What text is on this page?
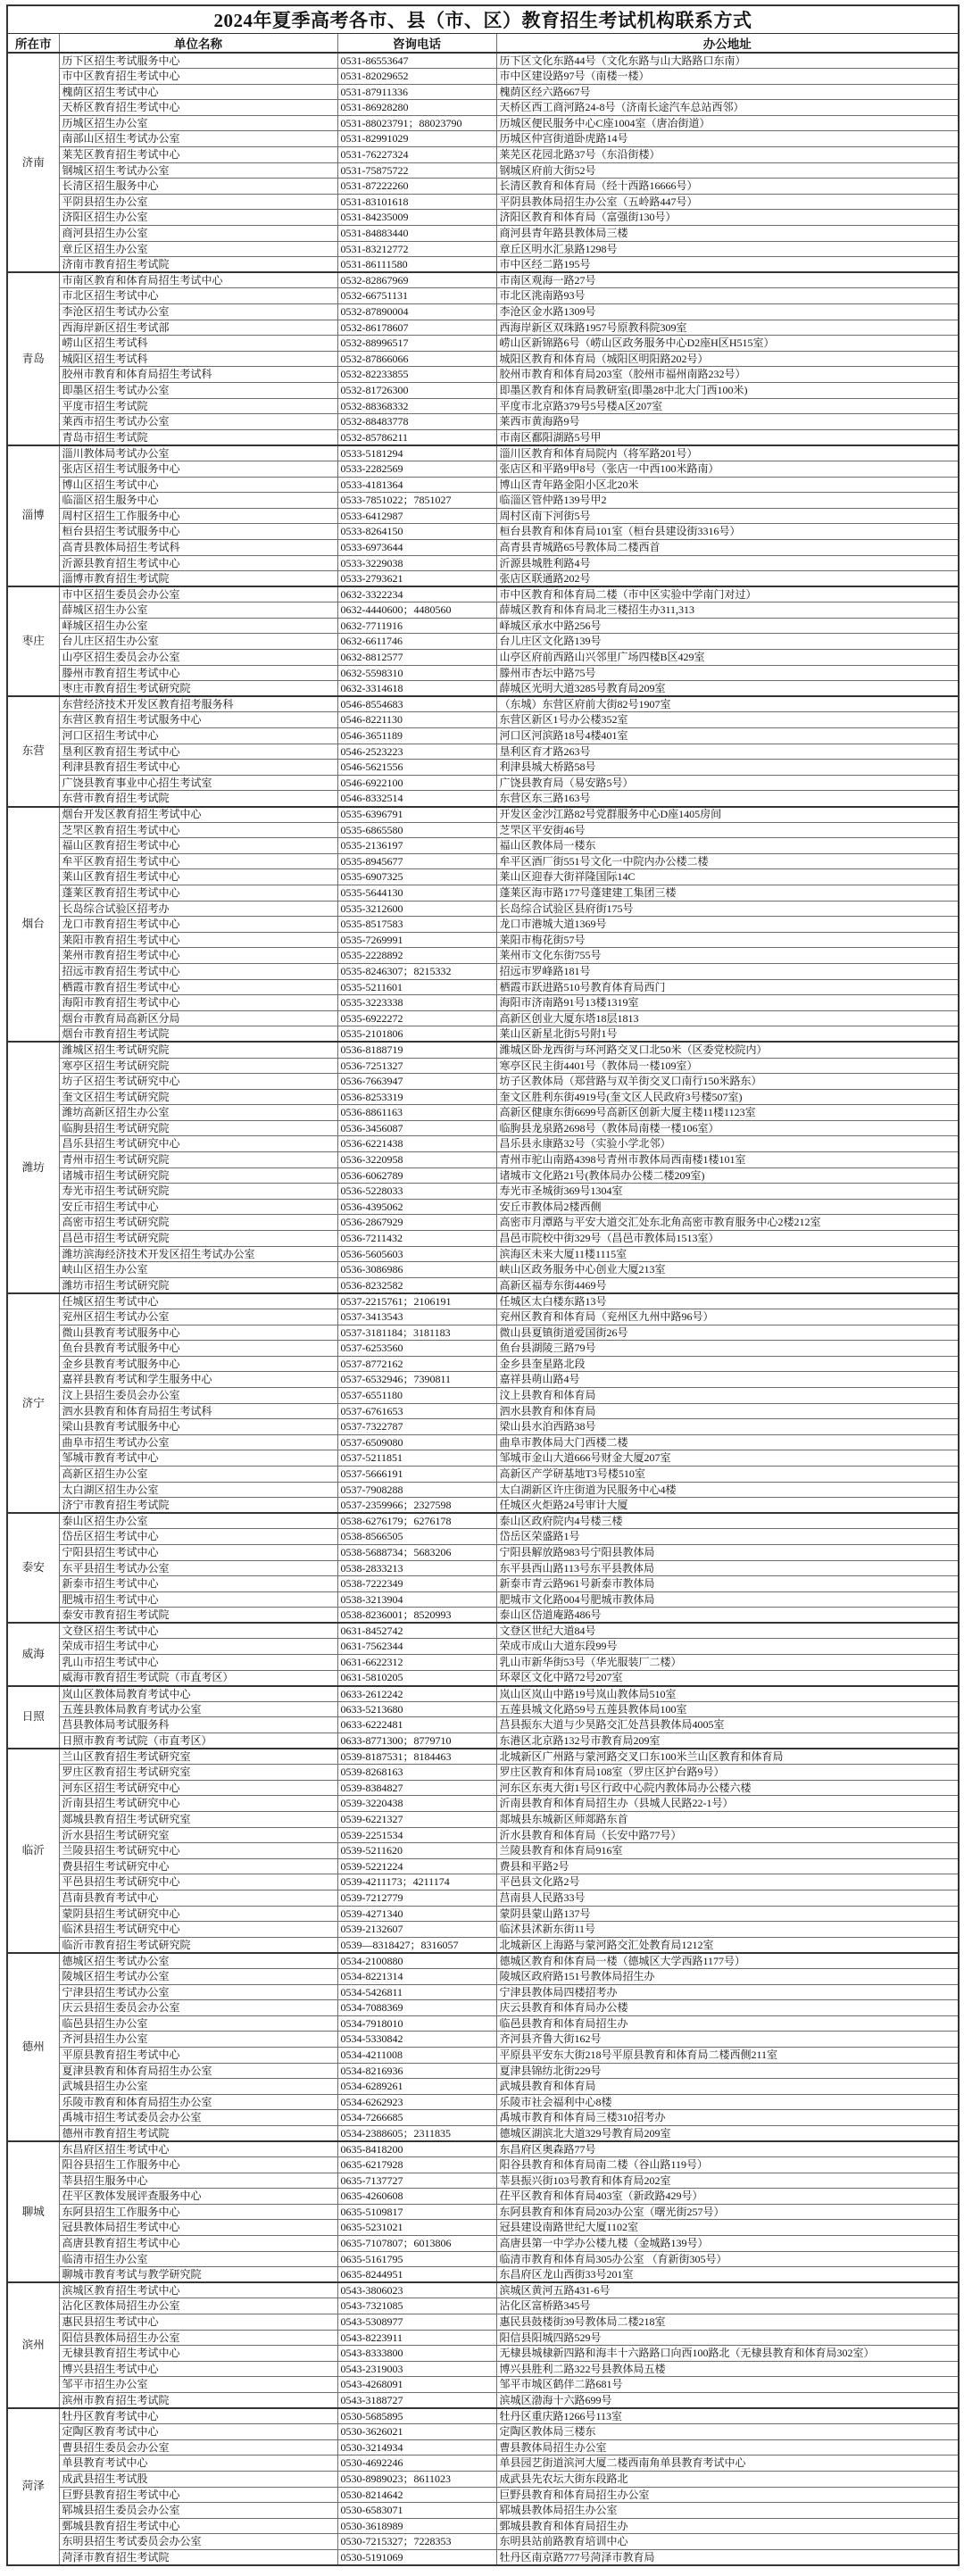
2024年夏季高考各市、县（市、区）教育招生考试机构联系方式			
所在市	单位名称	咨询电话	办公地址
济南	历下区招生考试服务中心	0531-86553647	历下区文化东路44号（文化东路与山大路路口东南）
	市中区教育招生考试中心	0531-82029652	市中区建设路97号（南楼一楼）
	槐荫区招生考试中心	0531-87911336	槐荫区经六路667号
	天桥区教育招生考试中心	0531-86928280	天桥区西工商河路24-8号（济南长途汽车总站西邻）
	历城区招生办公室	0531-88023791；88023790	历城区便民服务中心C座1004室（唐冶街道）
	南部山区招生考试办公室	0531-82991029	历城区仲宫街道卧虎路14号
	莱芜区教育招生考试中心	0531-76227324	莱芜区花园北路37号（东沿街楼）
	钢城区招生考试办公室	0531-75875722	钢城区府前大街52号
	长清区招生服务中心	0531-87222260	长清区教育和体育局（经十西路16666号）
	平阴县招生办公室	0531-83101618	平阴县教体局招生办公室（五岭路447号）
	济阳区招生办公室	0531-84235009	济阳区教育和体育局（富强街130号）
	商河县招生办公室	0531-84883440	商河县青年路县教体局三楼
	章丘区招生办公室	0531-83212772	章丘区明水汇泉路1298号
	济南市教育招生考试院	0531-86111580	市中区经二路195号
青岛	市南区教育和体育局招生考试中心	0532-82867969	市南区观海一路27号
	市北区招生考试中心	0532-66751131	市北区洮南路93号
	李沧区招生考试办公室	0532-87890004	李沧区金水路1309号
	西海岸新区招生考试部	0532-86178607	西海岸新区双珠路1957号原教科院309室
	崂山区招生考试科	0532-88996517	崂山区新锦路6号（崂山区政务服务中心D2座H区H515室）
	城阳区招生考试科	0532-87866066	城阳区教育和体育局（城阳区明阳路202号）
	胶州市教育和体育局招生考试科	0532-82233855	胶州市教育和体育局203室（胶州市福州南路232号）
	即墨区招生考试办公室	0532-81726300	即墨区教育和体育局教研室(即墨28中北大门西100米)
	平度市招生考试院	0532-88368332	平度市北京路379号5号楼A区207室
	莱西市招生考试办公室	0532-88483778	莱西市黄海路9号
	青岛市招生考试院	0532-85786211	市南区鄱阳湖路5号甲
淄博	淄川教体局考试办公室	0533-5181294	淄川区教育和体育局院内（将军路201号）
	张店区招生考试服务中心	0533-2282569	张店区和平路9甲8号（张店一中西100米路南）
	博山区招生考试中心	0533-4181364	博山区青年路金阳小区北20米
	临淄区招生服务中心	0533-7851022；7851027	临淄区管仲路139号甲2
	周村区招生工作服务中心	0533-6412987	周村区南下河街5号
	桓台县招生考试服务中心	0533-8264150	桓台县教育和体育局101室（桓台县建设街3316号）
	高青县教体局招生考试科	0533-6973644	高青县青城路65号教体局二楼西首
	沂源县教育招生考试中心	0533-3229038	沂源县城胜利路4号
	淄博市教育招生考试院	0533-2793621	张店区联通路202号
枣庄	市中区招生委员会办公室	0632-3322234	市中区教育和体育局二楼（市中区实验中学南门对过）
	薛城区招生办公室	0632-4440600；4480560	薛城区教育和体育局北三楼招生办311,313
	峄城区招生办公室	0632-7711916	峄城区承水中路256号
	台儿庄区招生办公室	0632-6611746	台儿庄区文化路139号
	山亭区招生委员会办公室	0632-8812577	山亭区府前西路山兴邻里广场四楼B区429室
	滕州市教育招生考试中心	0632-5598310	滕州市杏坛中路75号
	枣庄市教育招生考试研究院	0632-3314618	薛城区光明大道3285号教育局209室
东营	东营经济技术开发区教育招考服务科	0546-8554683	（东城）东营区府前大街82号1907室
	东营区教育招生考试服务中心	0546-8221130	东营区新区1号办公楼352室
	河口区招生考试中心	0546-3651189	河口区河滨路18号4楼401室
	垦利区教育招生考试中心	0546-2523223	垦利区育才路263号
	利津县教育招生考试中心	0546-5621556	利津县城大桥路58号
	广饶县教育事业中心招生考试室	0546-6922100	广饶县教育局（易安路5号）
	东营市教育招生考试院	0546-8332514	东营区东三路163号
烟台	烟台开发区教育招生考试中心	0535-6396791	开发区金沙江路82号党群服务中心D座1405房间
	芝罘区教育招生考试中心	0535-6865580	芝罘区平安街46号
	福山区教育招生考试中心	0535-2136197	福山区教体局一楼东
	牟平区教育招生考试中心	0535-8945677	牟平区酒厂街551号文化一中院内办公楼二楼
	莱山区教育招生考试中心	0535-6907325	莱山区迎春大街祥隆国际14C
	蓬莱区教育招生考试中心	0535-5644130	蓬莱区海市路177号蓬建建工集团三楼
	长岛综合试验区招考办	0535-3212600	长岛综合试验区县府街175号
	龙口市教育招生考试中心	0535-8517583	龙口市港城大道1369号
	莱阳市教育招生考试中心	0535-7269991	莱阳市梅花街57号
	莱州市教育招生考试中心	0535-2228892	莱州市文化东街755号
	招远市教育招生考试中心	0535-8246307；8215332	招远市罗峰路181号
	栖霞市教育招生考试中心	0535-5211601	栖霞市跃进路510号教育体育局西门
	海阳市教育招生考试中心	0535-3223338	海阳市济南路91号13楼1319室
	烟台市教育局高新区分局	0535-6922272	高新区创业大厦东塔18层1813
	烟台市教育招生考试院	0535-2101806	莱山区新星北街5号附1号
潍坊	潍城区招生考试研究院	0536-8188719	潍城区卧龙西街与环河路交叉口北50米（区委党校院内）
	寒亭区招生考试研究院	0536-7251327	寒亭区民主街4401号（教体局一楼109室）
	坊子区招生考试研究中心	0536-7663947	坊子区教体局（郑营路与双羊街交叉口南行150米路东）
	奎文区招生考试研究院	0536-8253319	奎文区胜利东街4919号(奎文区人民政府3号楼507室)
	潍坊高新区招生办公室	0536-8861163	高新区健康东街6699号高新区创新大厦主楼11楼1123室
	临朐县招生考试研究院	0536-3456087	临朐县龙泉路2698号（教体局南楼一楼106室）
	昌乐县招生考试研究中心	0536-6221438	昌乐县永康路32号（实验小学北邻）
	青州市招生考试研究院	0536-3220958	青州市驼山南路4398号青州市教体局西南楼1楼101室
	诸城市招生考试研究院	0536-6062789	诸城市文化路21号(教体局办公楼二楼209室)
	寿光市招生考试研究院	0536-5228033	寿光市圣城街369号1304室
	安丘市招生考试中心	0536-4395062	安丘市教体局2楼西侧
	高密市招生考试研究院	0536-2867929	高密市月潭路与平安大道交汇处东北角高密市教育服务中心2楼212室
	昌邑市招生考试研究院	0536-7211432	昌邑市院校中街329号（昌邑市教体局1513室）
	潍坊滨海经济技术开发区招生考试办公室	0536-5605603	滨海区未来大厦11楼1115室
	峡山区招生办公室	0536-3086986	峡山区政务服务中心创业大厦213室
	潍坊市招生考试研究院	0536-8232582	高新区福寿东街4469号
济宁	任城区招生考试中心	0537-2215761；2106191	任城区太白楼东路13号
	兖州区招生考试办公室	0537-3413543	兖州区教育和体育局（兖州区九州中路96号）
	微山县教育考试服务中心	0537-3181184；3181183	微山县夏镇街道爱国街26号
	鱼台县教育考试服务中心	0537-6253560	鱼台县湖陵三路79号
	金乡县教育考试服务中心	0537-8772162	金乡县奎星路北段
	嘉祥县教育考试和学生服务中心	0537-6532946；7390811	嘉祥县萌山路4号
	汶上县招生委员会办公室	0537-6551180	汶上县教育和体育局
	泗水县教育和体育局招生考试科	0537-6761653	泗水县教育和体育局
	梁山县教育考试服务中心	0537-7322787	梁山县水泊西路38号
	曲阜市招生考试办公室	0537-6509080	曲阜市教体局大门西楼二楼
	邹城市教育考试中心	0537-5211851	邹城市金山大道666号财金大厦207室
	高新区招生办公室	0537-5666191	高新区产学研基地T3号楼510室
	太白湖区招生办公室	0537-7908288	太白湖新区许庄街道为民服务中心4楼
	济宁市教育招生考试院	0537-2359966；2327598	任城区火炬路24号审计大厦
泰安	泰山区招生办公室	0538-6276179；6276178	泰山区政府院内4号楼三楼
	岱岳区招生考试中心	0538-8566505	岱岳区荣盛路1号
	宁阳县招生考试中心	0538-5688734；5683206	宁阳县解放路983号宁阳县教体局
	东平县招生考试办公室	0538-2833213	东平县西山路113号东平县教体局
	新泰市招生考试中心	0538-7222349	新泰市青云路961号新泰市教体局
	肥城市招生考试中心	0538-3213904	肥城市文化路004号肥城市教体局
	泰安市教育招生考试院	0538-8236001；8520993	泰山区岱道庵路486号
威海	文登区招生考试中心	0631-8452742	文登区世纪大道84号
	荣成市招生考试中心	0631-7562344	荣成市成山大道东段99号
	乳山市招生考试中心	0631-6622312	乳山市新华街53号（华光服装厂二楼）
	威海市教育招生考试院（市直考区）	0631-5810205	环翠区文化中路72号207室
日照	岚山区教体局教育考试中心	0633-2612242	岚山区岚山中路19号岚山教体局510室
	五莲县教体局教育考试办公室	0633-5213680	五莲县城文化路59号五莲县教体局100室
	莒县教体局考试服务科	0633-6222481	莒县振东大道与少昊路交汇处莒县教体局4005室
	日照市教育考试院（市直考区）	0633-8771300；8779710	东港区北京路132号市教育局209室
临沂	兰山区教育招生考试研究室	0539-8187531；8184463	北城新区广州路与蒙河路交叉口东100米兰山区教育和体育局
	罗庄区教育招生考试研究室	0539-8268163	罗庄区教育和体育局108室（罗庄区护台路9号）
	河东区招生考试研究中心	0539-8384827	河东区东夷大街1号区行政中心院内教体局办公楼六楼
	沂南县招生考试研究中心	0539-3220438	沂南县教育和体育局招生办（县城人民路22-1号）
	郯城县教育招生考试研究室	0539-6221327	郯城县东城新区师郯路东首
	沂水县招生考试研究室	0539-2251534	沂水县教育和体育局（长安中路77号）
	兰陵县招生考试研究中心	0539-5211620	兰陵县教育和体育局916室
	费县招生考试研究中心	0539-5221224	费县和平路2号
	平邑县招生考试研究中心	0539-4211173；4211174	平邑县文化路2号
	莒南县教育考试中心	0539-7212779	莒南县人民路33号
	蒙阴县招生考试研究中心	0539-4271340	蒙阴县蒙山路137号
	临沭县招生考试研究中心	0539-2132607	临沭县沭新东街11号
	临沂市教育招生考试研究院	0539—8318427；8316057	北城新区上海路与蒙河路交汇处教育局1212室
德州	德城区招生考试办公室	0534-2100880	德城区教育和体育局一楼（德城区大学西路1177号）
	陵城区招生考试办公室	0534-8221314	陵城区政府路151号教体局招生办
	宁津县招生考试办公室	0534-5426811	宁津县教体局四楼招考办
	庆云县招生委员会办公室	0534-7088369	庆云县教育和体育局办公楼
	临邑县招生办公室	0534-7918010	临邑县教育和体育局招生办
	齐河县招生办公室	0534-5330842	齐河县齐鲁大街162号
	平原县教育招生考试中心	0534-4211008	平原县平安东大街218号平原县教育和体育局二楼西侧211室
	夏津县教育和体育局招生办公室	0534-8216936	夏津县锦纺北街229号
	武城县招生办公室	0534-6289261	武城县教育和体育局
	乐陵市教育和体育局招生办公室	0534-6262923	乐陵市社会福利中心8楼
	禹城市招生考试委员会办公室	0534-7266685	禹城市教育和体育局三楼310招考办
	德州市教育招生考试院	0534-2388605；2311835	德城区湖滨北大道329号教育局209室
聊城	东昌府区招生考试中心	0635-8418200	东昌府区奥森路77号
	阳谷县招生工作服务中心	0635-6217928	阳谷县教育和体育局南二楼（谷山路119号）
	莘县招生服务中心	0635-7137727	莘县振兴街103号教育和体育局202室
	茌平区教体发展评查服务中心	0635-4260608	茌平区教育和体育局403室（新政路429号）
	东阿县招生工作服务中心	0635-5109817	东阿县教育和体育局203办公室（曙光街257号）
	冠县教体局招生考试中心	0635-5231021	冠县建设南路世纪大厦1102室
	高唐县教育招生考试中心	0635-7107807；6013806	高唐县第一中学办公楼九楼（金城路139号）
	临清市招生办公室	0635-5161795	临清市教育和体育局305办公室 （育新街305号）
	聊城市教育考试与教学研究院	0635-8244951	东昌府区龙山西街33号201室
滨州	滨城区教育招生考试中心	0543-3806023	滨城区黄河五路431-6号
	沾化区教体局招生办公室	0543-7321085	沾化区富桥路345号
	惠民县招生考试中心	0543-5308977	惠民县鼓楼街39号教体局二楼218室
	阳信县教体局招生办公室	0543-8223911	阳信县阳城四路529号
	无棣县教育招生考试中心	0543-8333800	无棣县城棣新四路和海丰十六路路口向西100路北（无棣县教育和体育局302室）
	博兴县招生考试中心	0543-2319003	博兴县胜利二路322号县教体局五楼
	邹平市招生办公室	0543-4268091	邹平市城区鹤伴二路681号
	滨州市教育招生考试院	0543-3188727	滨城区渤海十六路699号
菏泽	牡丹区教育考试中心	0530-5685895	牡丹区重庆路1266号113室
	定陶区教育考试中心	0530-3626021	定陶区教体局三楼东
	曹县招生委员会办公室	0530-3214934	曹县教体局招生办公室
	单县教育考试中心	0530-4692246	单县园艺街道滨河大厦二楼西南角单县教育考试中心
	成武县招生考试股	0530-8989023；8611023	成武县先农坛大街东段路北
	巨野县教育招生考试中心	0530-8214642	巨野县教育和体育局招生办公室
	郓城县招生委员会办公室	0530-6583071	郓城县教体局招生办公室
	鄄城县教育招生考试中心	0530-3618989	鄄城县教育和体育局招生办
	东明县招生考试委员会办公室	0530-7215327；7228353	东明县站前路教育培训中心
	菏泽市教育招生考试院	0530-5191069	牡丹区南京路777号菏泽市教育局
